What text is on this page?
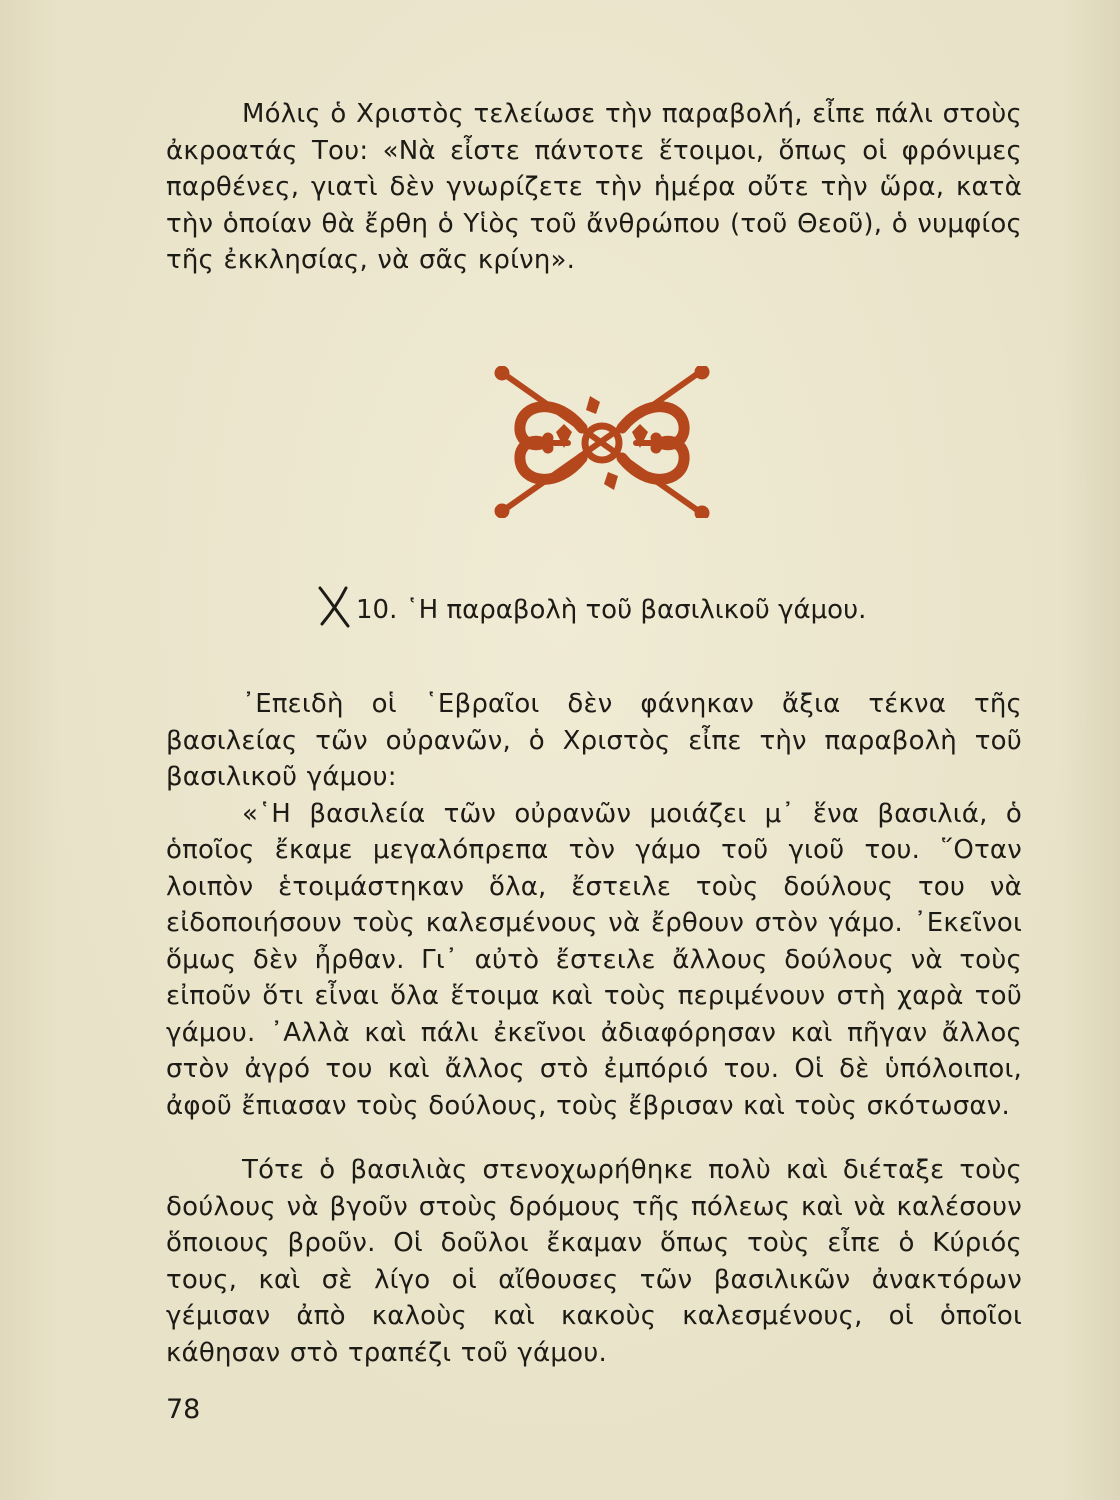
Μόλις ὁ Χριστὸς τελείωσε τὴν παραβολή, εἶπε πάλι στοὺς ἀκροατάς Του: «Νὰ εἶστε πάντοτε ἕτοιμοι, ὅπως οἱ φρόνιμες παρθένες, γιατὶ δὲν γνωρίζετε τὴν ἡμέρα οὔτε τὴν ὥρα, κατὰ τὴν ὁποίαν θὰ ἔρθη ὁ Υἱὸς τοῦ ἄνθρώπου (τοῦ Θεοῦ), ὁ νυμφίος τῆς ἐκκλησίας, νὰ σᾶς κρίνη».

10. ῾Η παραβολὴ τοῦ βασιλικοῦ γάμου.

᾿Επειδὴ οἱ ῾Εβραῖοι δὲν φάνηκαν ἄξια τέκνα τῆς βασιλείας τῶν οὐρανῶν, ὁ Χριστὸς εἶπε τὴν παραβολὴ τοῦ βασιλικοῦ γάμου:

«῾Η βασιλεία τῶν οὐρανῶν μοιάζει μ᾿ ἕνα βασιλιά, ὁ ὁποῖος ἔκαμε μεγαλόπρεπα τὸν γάμο τοῦ γιοῦ του. ῞Οταν λοιπὸν ἑτοιμάστηκαν ὅλα, ἔστειλε τοὺς δούλους του νὰ εἰδοποιήσουν τοὺς καλεσμένους νὰ ἔρθουν στὸν γάμο. ᾿Εκεῖνοι ὅμως δὲν ἦρθαν. Γι᾿ αὐτὸ ἔστειλε ἄλλους δούλους νὰ τοὺς εἰποῦν ὅτι εἶναι ὅλα ἕτοιμα καὶ τοὺς περιμένουν στὴ χαρὰ τοῦ γάμου. ᾿Αλλὰ καὶ πάλι ἐκεῖνοι ἀδιαφόρησαν καὶ πῆγαν ἄλλος στὸν ἀγρό του καὶ ἄλλος στὸ ἐμπόριό του. Οἱ δὲ ὑπόλοιποι, ἀφοῦ ἔπιασαν τοὺς δούλους, τοὺς ἔβρισαν καὶ τοὺς σκότωσαν.

Τότε ὁ βασιλιὰς στενοχωρήθηκε πολὺ καὶ διέταξε τοὺς δούλους νὰ βγοῦν στοὺς δρόμους τῆς πόλεως καὶ νὰ καλέσουν ὅποιους βροῦν. Οἱ δοῦλοι ἔκαμαν ὅπως τοὺς εἶπε ὁ Κύριός τους, καὶ σὲ λίγο οἱ αἴθουσες τῶν βασιλικῶν ἀνακτόρων γέμισαν ἀπὸ καλοὺς καὶ κακοὺς καλεσμένους, οἱ ὁποῖοι κάθησαν στὸ τραπέζι τοῦ γάμου.

78
